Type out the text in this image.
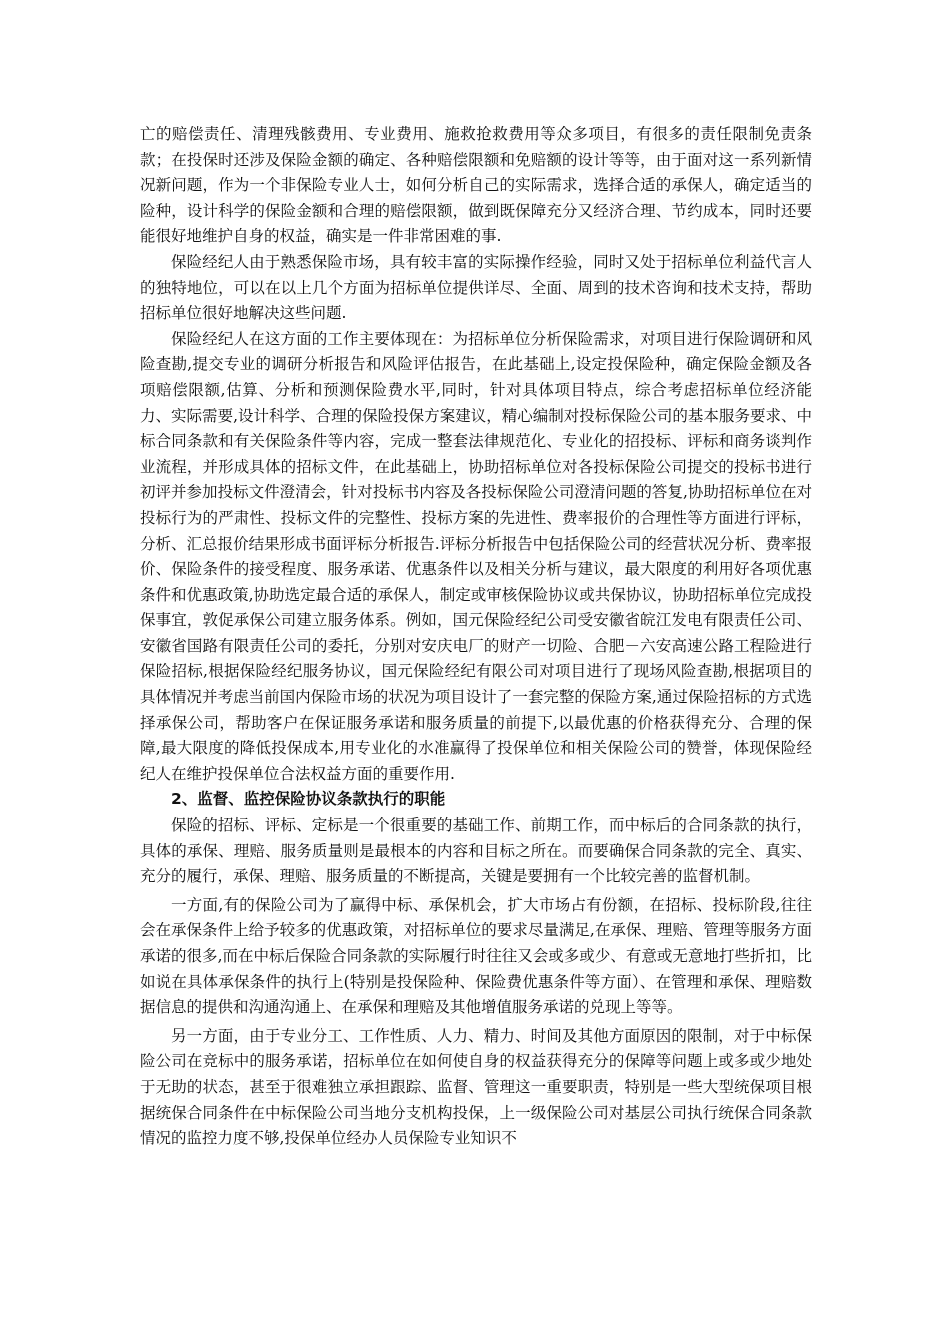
亡的赔偿责任、清理残骸费用、专业费用、施救抢救费用等众多项目，有很多的责任限制免责条款；在投保时还涉及保险金额的确定、各种赔偿限额和免赔额的设计等等，由于面对这一系列新情况新问题，作为一个非保险专业人士，如何分析自己的实际需求，选择合适的承保人，确定适当的险种，设计科学的保险金额和合理的赔偿限额，做到既保障充分又经济合理、节约成本，同时还要能很好地维护自身的权益，确实是一件非常困难的事.

保险经纪人由于熟悉保险市场，具有较丰富的实际操作经验，同时又处于招标单位利益代言人的独特地位，可以在以上几个方面为招标单位提供详尽、全面、周到的技术咨询和技术支持，帮助招标单位很好地解决这些问题.

保险经纪人在这方面的工作主要体现在：为招标单位分析保险需求，对项目进行保险调研和风险查勘,提交专业的调研分析报告和风险评估报告，在此基础上,设定投保险种，确定保险金额及各项赔偿限额,估算、分析和预测保险费水平,同时，针对具体项目特点，综合考虑招标单位经济能力、实际需要,设计科学、合理的保险投保方案建议，精心编制对投标保险公司的基本服务要求、中标合同条款和有关保险条件等内容，完成一整套法律规范化、专业化的招投标、评标和商务谈判作业流程，并形成具体的招标文件，在此基础上，协助招标单位对各投标保险公司提交的投标书进行初评并参加投标文件澄清会，针对投标书内容及各投标保险公司澄清问题的答复,协助招标单位在对投标行为的严肃性、投标文件的完整性、投标方案的先进性、费率报价的合理性等方面进行评标，分析、汇总报价结果形成书面评标分析报告.评标分析报告中包括保险公司的经营状况分析、费率报价、保险条件的接受程度、服务承诺、优惠条件以及相关分析与建议，最大限度的利用好各项优惠条件和优惠政策,协助选定最合适的承保人，制定或审核保险协议或共保协议，协助招标单位完成投保事宜，敦促承保公司建立服务体系。例如，国元保险经纪公司受安徽省皖江发电有限责任公司、安徽省国路有限责任公司的委托，分别对安庆电厂的财产一切险、合肥－六安高速公路工程险进行保险招标,根据保险经纪服务协议，国元保险经纪有限公司对项目进行了现场风险查勘,根据项目的具体情况并考虑当前国内保险市场的状况为项目设计了一套完整的保险方案,通过保险招标的方式选择承保公司，帮助客户在保证服务承诺和服务质量的前提下,以最优惠的价格获得充分、合理的保障,最大限度的降低投保成本,用专业化的水准赢得了投保单位和相关保险公司的赞誉，体现保险经纪人在维护投保单位合法权益方面的重要作用.

2、监督、监控保险协议条款执行的职能

保险的招标、评标、定标是一个很重要的基础工作、前期工作，而中标后的合同条款的执行，具体的承保、理赔、服务质量则是最根本的内容和目标之所在。而要确保合同条款的完全、真实、充分的履行，承保、理赔、服务质量的不断提高，关键是要拥有一个比较完善的监督机制。

一方面,有的保险公司为了赢得中标、承保机会，扩大市场占有份额，在招标、投标阶段,往往会在承保条件上给予较多的优惠政策，对招标单位的要求尽量满足,在承保、理赔、管理等服务方面承诺的很多,而在中标后保险合同条款的实际履行时往往又会或多或少、有意或无意地打些折扣，比如说在具体承保条件的执行上(特别是投保险种、保险费优惠条件等方面）、在管理和承保、理赔数据信息的提供和沟通沟通上、在承保和理赔及其他增值服务承诺的兑现上等等。

另一方面，由于专业分工、工作性质、人力、精力、时间及其他方面原因的限制，对于中标保险公司在竞标中的服务承诺，招标单位在如何使自身的权益获得充分的保障等问题上或多或少地处于无助的状态，甚至于很难独立承担跟踪、监督、管理这一重要职责，特别是一些大型统保项目根据统保合同条件在中标保险公司当地分支机构投保，上一级保险公司对基层公司执行统保合同条款情况的监控力度不够,投保单位经办人员保险专业知识不
